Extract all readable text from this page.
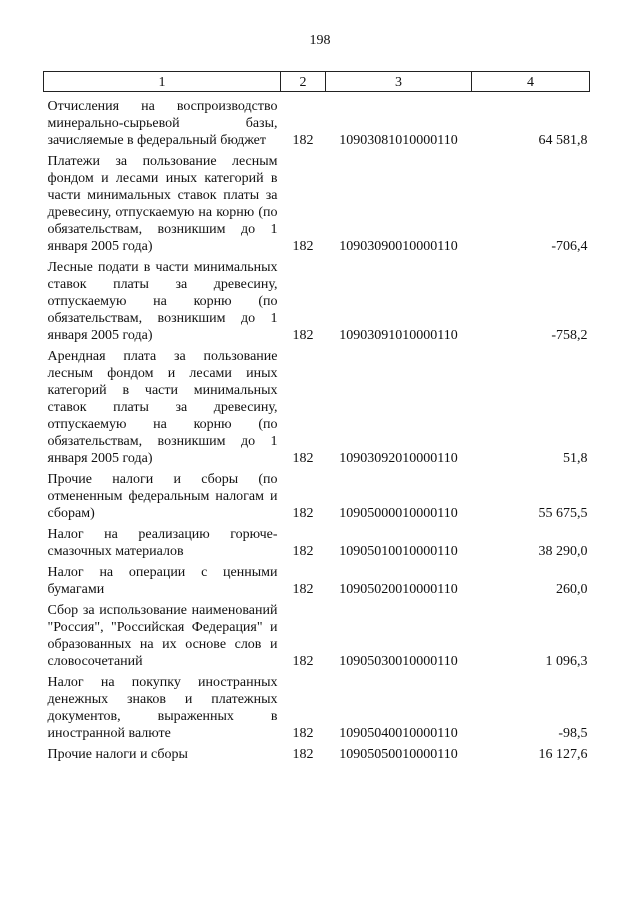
198
1	2	3	4
Отчисления на воспроизводство минерально-сырьевой базы, зачисляемые в федеральный бюджет	182	10903081010000110	64 581,8
Платежи за пользование лесным фондом и лесами иных категорий в части минимальных ставок платы за древесину, отпускаемую на корню (по обязательствам, возникшим до 1 января 2005 года)	182	10903090010000110	-706,4
Лесные подати в части минимальных ставок платы за древесину, отпускаемую на корню (по обязательствам, возникшим до 1 января 2005 года)	182	10903091010000110	-758,2
Арендная плата за пользование лесным фондом и лесами иных категорий в части минимальных ставок платы за древесину, отпускаемую на корню (по обязательствам, возникшим до 1 января 2005 года)	182	10903092010000110	51,8
Прочие налоги и сборы (по отмененным федеральным налогам и сборам)	182	10905000010000110	55 675,5
Налог на реализацию горюче-смазочных материалов	182	10905010010000110	38 290,0
Налог на операции с ценными бумагами	182	10905020010000110	260,0
Сбор за использование наименований "Россия", "Российская Федерация" и образованных на их основе слов и словосочетаний	182	10905030010000110	1 096,3
Налог на покупку иностранных денежных знаков и платежных документов, выраженных в иностранной валюте	182	10905040010000110	-98,5
Прочие налоги и сборы	182	10905050010000110	16 127,6
